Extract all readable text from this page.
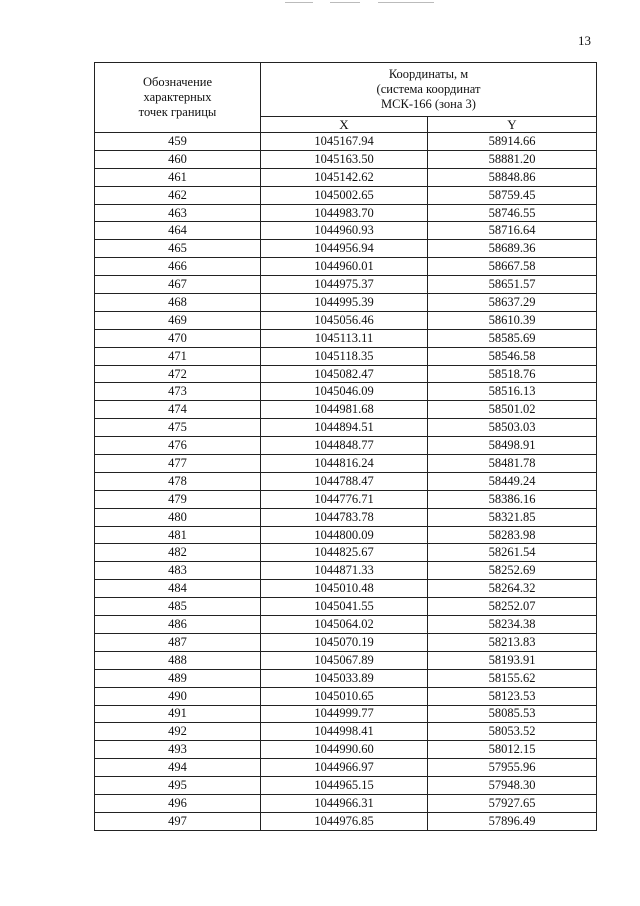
13
Обозначение
характерных
точек границы	Координаты, м
(система координат
МСК-166 (зона 3)	

	X	Y
459	1045167.94	58914.66
460	1045163.50	58881.20
461	1045142.62	58848.86
462	1045002.65	58759.45
463	1044983.70	58746.55
464	1044960.93	58716.64
465	1044956.94	58689.36
466	1044960.01	58667.58
467	1044975.37	58651.57
468	1044995.39	58637.29
469	1045056.46	58610.39
470	1045113.11	58585.69
471	1045118.35	58546.58
472	1045082.47	58518.76
473	1045046.09	58516.13
474	1044981.68	58501.02
475	1044894.51	58503.03
476	1044848.77	58498.91
477	1044816.24	58481.78
478	1044788.47	58449.24
479	1044776.71	58386.16
480	1044783.78	58321.85
481	1044800.09	58283.98
482	1044825.67	58261.54
483	1044871.33	58252.69
484	1045010.48	58264.32
485	1045041.55	58252.07
486	1045064.02	58234.38
487	1045070.19	58213.83
488	1045067.89	58193.91
489	1045033.89	58155.62
490	1045010.65	58123.53
491	1044999.77	58085.53
492	1044998.41	58053.52
493	1044990.60	58012.15
494	1044966.97	57955.96
495	1044965.15	57948.30
496	1044966.31	57927.65
497	1044976.85	57896.49
